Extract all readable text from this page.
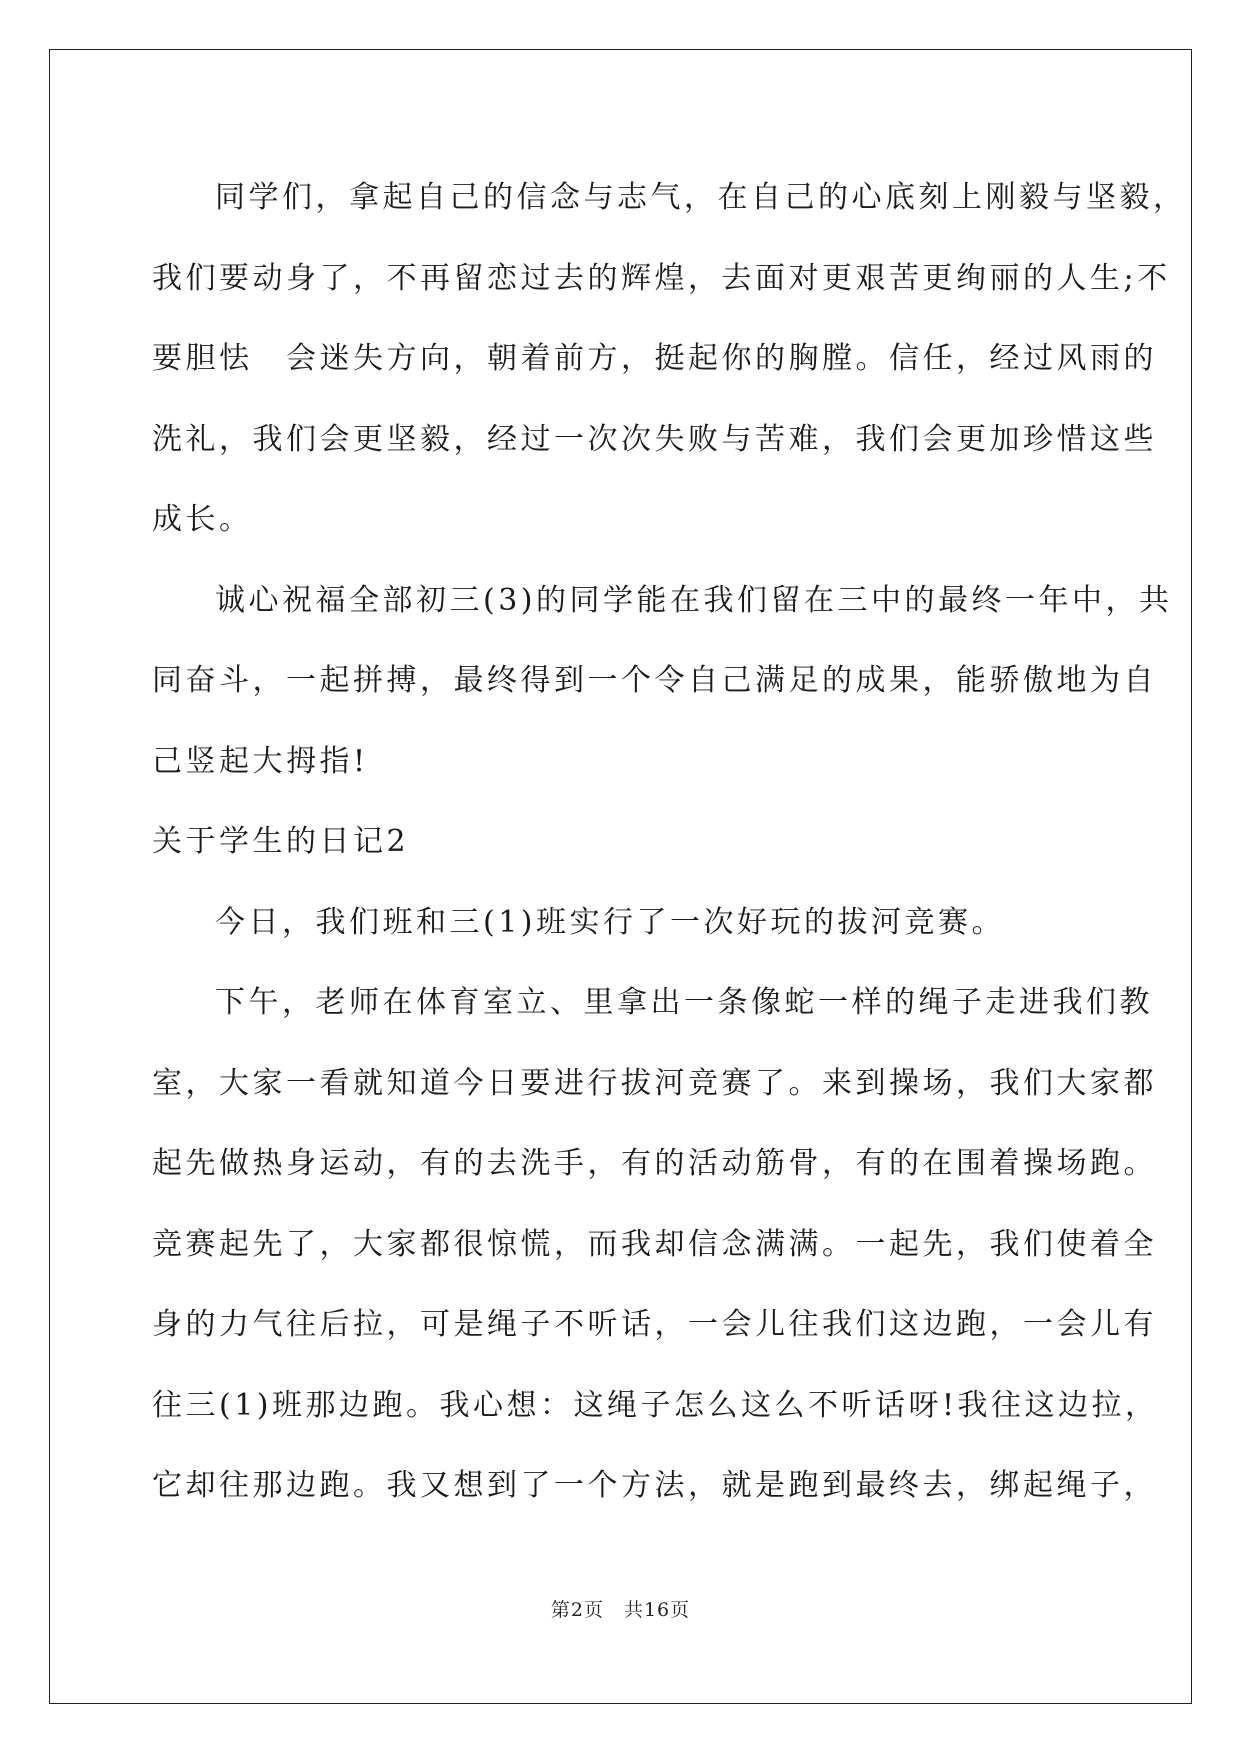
同学们，拿起自己的信念与志气，在自己的心底刻上刚毅与坚毅，
我们要动身了，不再留恋过去的辉煌，去面对更艰苦更绚丽的人生;不
要胆怯　会迷失方向，朝着前方，挺起你的胸膛。信任，经过风雨的
洗礼，我们会更坚毅，经过一次次失败与苦难，我们会更加珍惜这些
成长。
诚心祝福全部初三(3)的同学能在我们留在三中的最终一年中，共
同奋斗，一起拼搏，最终得到一个令自己满足的成果，能骄傲地为自
己竖起大拇指!
关于学生的日记2
今日，我们班和三(1)班实行了一次好玩的拔河竞赛。
下午，老师在体育室立、里拿出一条像蛇一样的绳子走进我们教
室，大家一看就知道今日要进行拔河竞赛了。来到操场，我们大家都
起先做热身运动，有的去洗手，有的活动筋骨，有的在围着操场跑。
竞赛起先了，大家都很惊慌，而我却信念满满。一起先，我们使着全
身的力气往后拉，可是绳子不听话，一会儿往我们这边跑，一会儿有
往三(1)班那边跑。我心想：这绳子怎么这么不听话呀!我往这边拉，
它却往那边跑。我又想到了一个方法，就是跑到最终去，绑起绳子，
第2页　共16页
